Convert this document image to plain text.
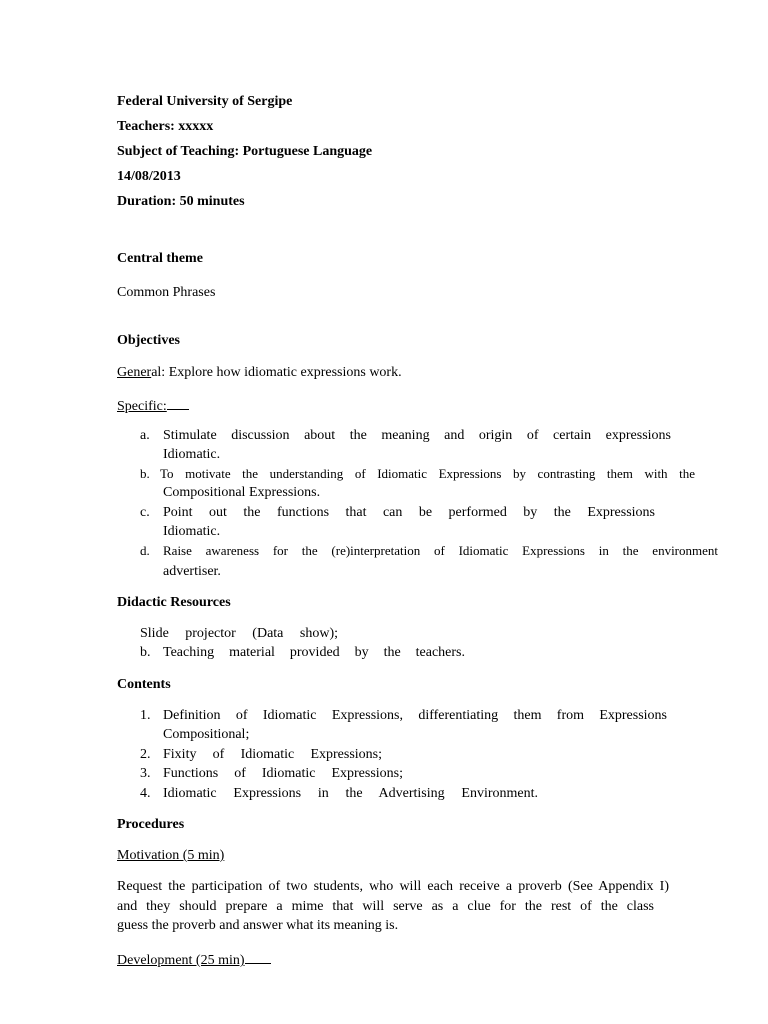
Federal University of Sergipe
Teachers: xxxxx
Subject of Teaching: Portuguese Language
14/08/2013
Duration: 50 minutes
Central theme
Common Phrases
Objectives
General: Explore how idiomatic expressions work.
Specific:
a. Stimulate discussion about the meaning and origin of certain expressions
Idiomatic.
b. To motivate the understanding of Idiomatic Expressions by contrasting them with the
Compositional Expressions.
c. Point out the functions that can be performed by the Expressions
Idiomatic.
d. Raise awareness for the (re)interpretation of Idiomatic Expressions in the environment
advertiser.
Didactic Resources
Slide projector (Data show);
b. Teaching material provided by the teachers.
Contents
1. Definition of Idiomatic Expressions, differentiating them from Expressions
Compositional;
2. Fixity of Idiomatic Expressions;
3. Functions of Idiomatic Expressions;
4. Idiomatic Expressions in the Advertising Environment.
Procedures
Motivation (5 min)
Request the participation of two students, who will each receive a proverb (See Appendix I)
and they should prepare a mime that will serve as a clue for the rest of the class
guess the proverb and answer what its meaning is.
Development (25 min)
